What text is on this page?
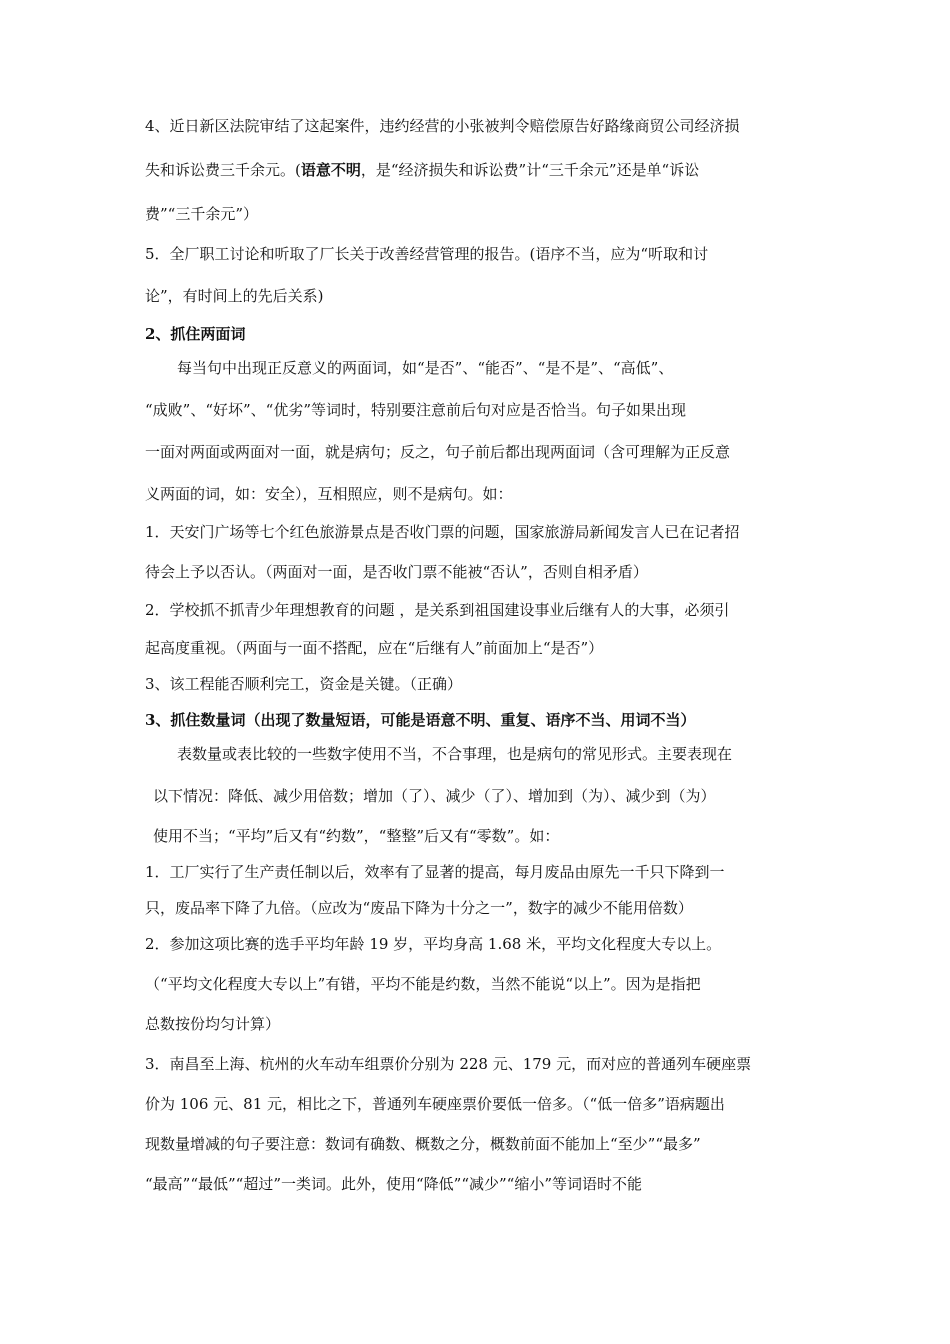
4、近日新区法院审结了这起案件，违约经营的小张被判令赔偿原告好路缘商贸公司经济损
失和诉讼费三千余元。(语意不明，是“经济损失和诉讼费”计“三千余元”还是单“诉讼
费”“三千余元”）
5．全厂职工讨论和听取了厂长关于改善经营管理的报告。(语序不当，应为“听取和讨
论”，有时间上的先后关系)
2、抓住两面词
每当句中出现正反意义的两面词，如“是否”、“能否”、“是不是”、“高低”、
“成败”、“好坏”、“优劣”等词时，特别要注意前后句对应是否恰当。句子如果出现
一面对两面或两面对一面，就是病句；反之，句子前后都出现两面词（含可理解为正反意
义两面的词，如：安全），互相照应，则不是病句。如：
1．天安门广场等七个红色旅游景点是否收门票的问题，国家旅游局新闻发言人已在记者招
待会上予以否认。（两面对一面，是否收门票不能被“否认”，否则自相矛盾）
2．学校抓不抓青少年理想教育的问题 ，是关系到祖国建设事业后继有人的大事，必须引
起高度重视。（两面与一面不搭配，应在“后继有人”前面加上“是否”）
3、该工程能否顺利完工，资金是关键。（正确）
3、抓住数量词（出现了数量短语，可能是语意不明、重复、语序不当、用词不当）
表数量或表比较的一些数字使用不当，不合事理，也是病句的常见形式。主要表现在
以下情况：降低、减少用倍数；增加（了）、减少（了）、增加到（为）、减少到（为）
使用不当；“平均”后又有“约数”，“整整”后又有“零数”。如：
1．工厂实行了生产责任制以后，效率有了显著的提高，每月废品由原先一千只下降到一
只，废品率下降了九倍。（应改为“废品下降为十分之一”，数字的减少不能用倍数）
2．参加这项比赛的选手平均年龄 19 岁，平均身高 1.68 米，平均文化程度大专以上。
（“平均文化程度大专以上”有错，平均不能是约数，当然不能说“以上”。因为是指把
总数按份均匀计算）
3．南昌至上海、杭州的火车动车组票价分别为 228 元、179 元，而对应的普通列车硬座票
价为 106 元、81 元，相比之下，普通列车硬座票价要低一倍多。（“低一倍多”语病题出
现数量增减的句子要注意：数词有确数、概数之分，概数前面不能加上“至少”“最多”
“最高”“最低”“超过”一类词。此外，使用“降低”“减少”“缩小”等词语时不能
